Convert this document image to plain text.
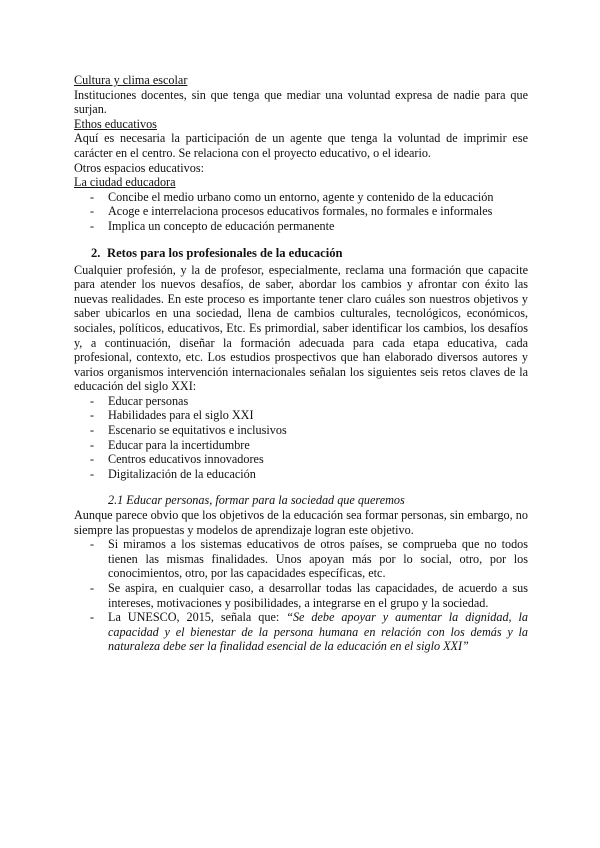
Cultura y clima escolar

Instituciones docentes, sin que tenga que mediar una voluntad expresa de nadie para que surjan.

Ethos educativos

Aquí es necesaria la participación de un agente que tenga la voluntad de imprimir ese carácter en el centro. Se relaciona con el proyecto educativo, o el ideario.

Otros espacios educativos:

La ciudad educadora

- Concibe el medio urbano como un entorno, agente y contenido de la educación
- Acoge e interrelaciona procesos educativos formales, no formales e informales
- Implica un concepto de educación permanente
2. Retos para los profesionales de la educación

Cualquier profesión, y la de profesor, especialmente, reclama una formación que capacite para atender los nuevos desafíos, de saber, abordar los cambios y afrontar con éxito las nuevas realidades. En este proceso es importante tener claro cuáles son nuestros objetivos y saber ubicarlos en una sociedad, llena de cambios culturales, tecnológicos, económicos, sociales, políticos, educativos, Etc. Es primordial, saber identificar los cambios, los desafíos y, a continuación, diseñar la formación adecuada para cada etapa educativa, cada profesional, contexto, etc. Los estudios prospectivos que han elaborado diversos autores y varios organismos intervención internacionales señalan los siguientes seis retos claves de la educación del siglo XXI:

- Educar personas
- Habilidades para el siglo XXI
- Escenario se equitativos e inclusivos
- Educar para la incertidumbre
- Centros educativos innovadores
- Digitalización de la educación

2.1 Educar personas, formar para la sociedad que queremos

Aunque parece obvio que los objetivos de la educación sea formar personas, sin embargo, no siempre las propuestas y modelos de aprendizaje logran este objetivo.

- Si miramos a los sistemas educativos de otros países, se comprueba que no todos tienen las mismas finalidades. Unos apoyan más por lo social, otro, por los conocimientos, otro, por las capacidades específicas, etc.
- Se aspira, en cualquier caso, a desarrollar todas las capacidades, de acuerdo a sus intereses, motivaciones y posibilidades, a integrarse en el grupo y la sociedad.
- La UNESCO, 2015, señala que: “Se debe apoyar y aumentar la dignidad, la capacidad y el bienestar de la persona humana en relación con los demás y la naturaleza debe ser la finalidad esencial de la educación en el siglo XXI”
